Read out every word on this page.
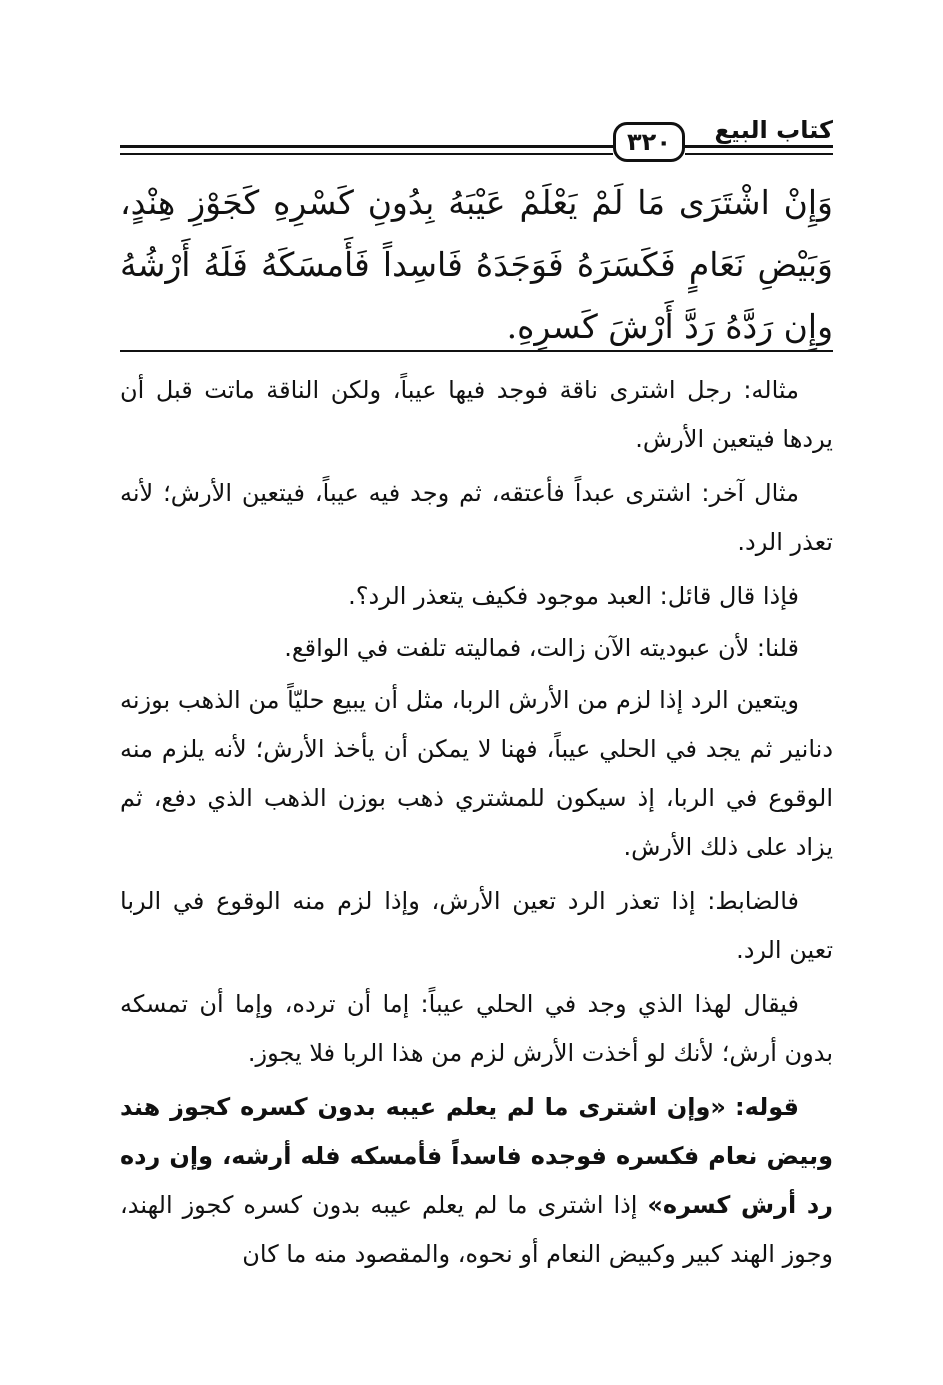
كتاب البيع
٣٢٠
وَإِنْ اشْتَرَى مَا لَمْ يَعْلَمْ عَيْبَهُ بِدُونِ كَسْرِهِ كَجَوْزِ هِنْدٍ، وَبَيْضِ نَعَامٍ فَكَسَرَهُ فَوَجَدَهُ فَاسِداً فَأَمسَكَهُ فَلَهُ أَرْشُهُ وإِن رَدَّهُ رَدَّ أَرْشَ كَسرِهِ.

مثاله: رجل اشترى ناقة فوجد فيها عيباً، ولكن الناقة ماتت قبل أن يردها فيتعين الأرش.

مثال آخر: اشترى عبداً فأعتقه، ثم وجد فيه عيباً، فيتعين الأرش؛ لأنه تعذر الرد.

فإذا قال قائل: العبد موجود فكيف يتعذر الرد؟.

قلنا: لأن عبوديته الآن زالت، فماليته تلفت في الواقع.

ويتعين الرد إذا لزم من الأرش الربا، مثل أن يبيع حليّاً من الذهب بوزنه دنانير ثم يجد في الحلي عيباً، فهنا لا يمكن أن يأخذ الأرش؛ لأنه يلزم منه الوقوع في الربا، إذ سيكون للمشتري ذهب بوزن الذهب الذي دفع، ثم يزاد على ذلك الأرش.

فالضابط: إذا تعذر الرد تعين الأرش، وإذا لزم منه الوقوع في الربا تعين الرد.

فيقال لهذا الذي وجد في الحلي عيباً: إما أن ترده، وإما أن تمسكه بدون أرش؛ لأنك لو أخذت الأرش لزم من هذا الربا فلا يجوز.

قوله: «وإن اشترى ما لم يعلم عيبه بدون كسره كجوز هند وبيض نعام فكسره فوجده فاسداً فأمسكه فله أرشه، وإن رده رد أرش كسره» إذا اشترى ما لم يعلم عيبه بدون كسره كجوز الهند، وجوز الهند كبير وكبيض النعام أو نحوه، والمقصود منه ما كان
